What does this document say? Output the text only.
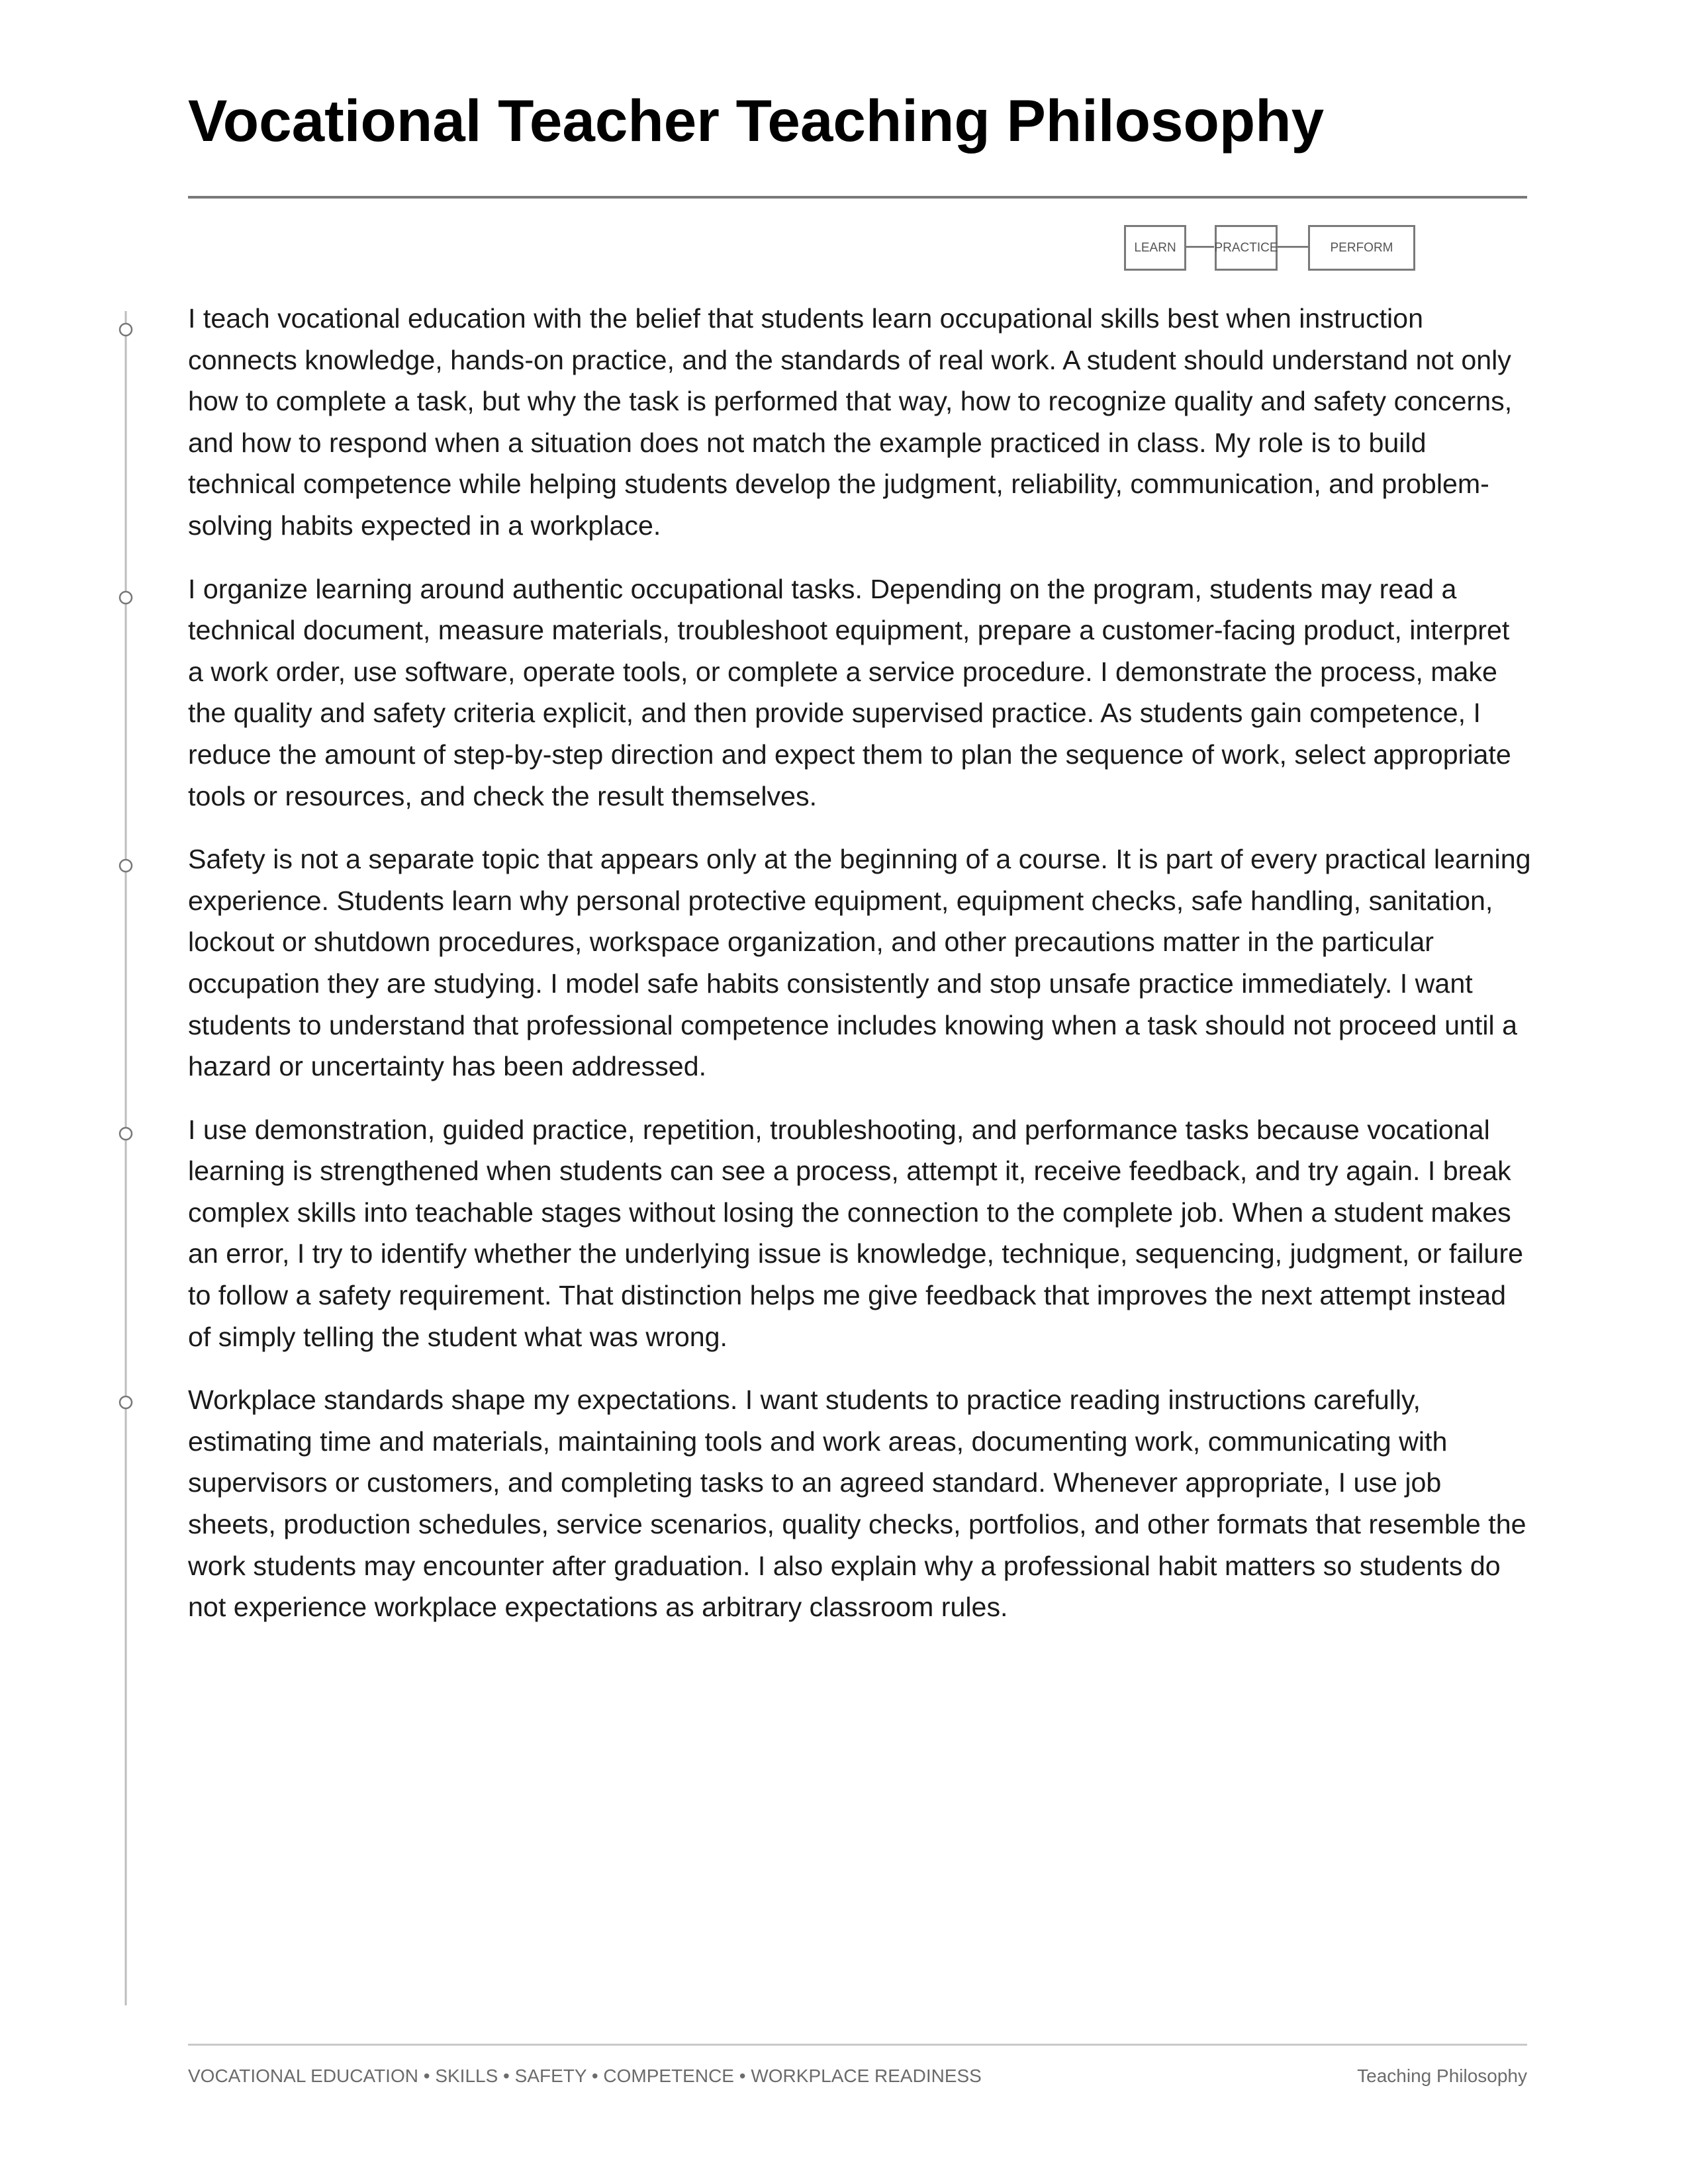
Vocational Teacher Teaching Philosophy
LEARN	PRACTICE	PERFORM

I teach vocational education with the belief that students learn occupational skills best when instruction connects knowledge, hands-on practice, and the standards of real work. A student should understand not only how to complete a task, but why the task is performed that way, how to recognize quality and safety concerns, and how to respond when a situation does not match the example practiced in class. My role is to build technical competence while helping students develop the judgment, reliability, communication, and problem-solving habits expected in a workplace.

I organize learning around authentic occupational tasks. Depending on the program, students may read a technical document, measure materials, troubleshoot equipment, prepare a customer-facing product, interpret a work order, use software, operate tools, or complete a service procedure. I demonstrate the process, make the quality and safety criteria explicit, and then provide supervised practice. As students gain competence, I reduce the amount of step-by-step direction and expect them to plan the sequence of work, select appropriate tools or resources, and check the result themselves.

Safety is not a separate topic that appears only at the beginning of a course. It is part of every practical learning experience. Students learn why personal protective equipment, equipment checks, safe handling, sanitation, lockout or shutdown procedures, workspace organization, and other precautions matter in the particular occupation they are studying. I model safe habits consistently and stop unsafe practice immediately. I want students to understand that professional competence includes knowing when a task should not proceed until a hazard or uncertainty has been addressed.

I use demonstration, guided practice, repetition, troubleshooting, and performance tasks because vocational learning is strengthened when students can see a process, attempt it, receive feedback, and try again. I break complex skills into teachable stages without losing the connection to the complete job. When a student makes an error, I try to identify whether the underlying issue is knowledge, technique, sequencing, judgment, or failure to follow a safety requirement. That distinction helps me give feedback that improves the next attempt instead of simply telling the student what was wrong.

Workplace standards shape my expectations. I want students to practice reading instructions carefully, estimating time and materials, maintaining tools and work areas, documenting work, communicating with supervisors or customers, and completing tasks to an agreed standard. Whenever appropriate, I use job sheets, production schedules, service scenarios, quality checks, portfolios, and other formats that resemble the work students may encounter after graduation. I also explain why a professional habit matters so students do not experience workplace expectations as arbitrary classroom rules.

VOCATIONAL EDUCATION • SKILLS • SAFETY • COMPETENCE • WORKPLACE READINESS	Teaching Philosophy
